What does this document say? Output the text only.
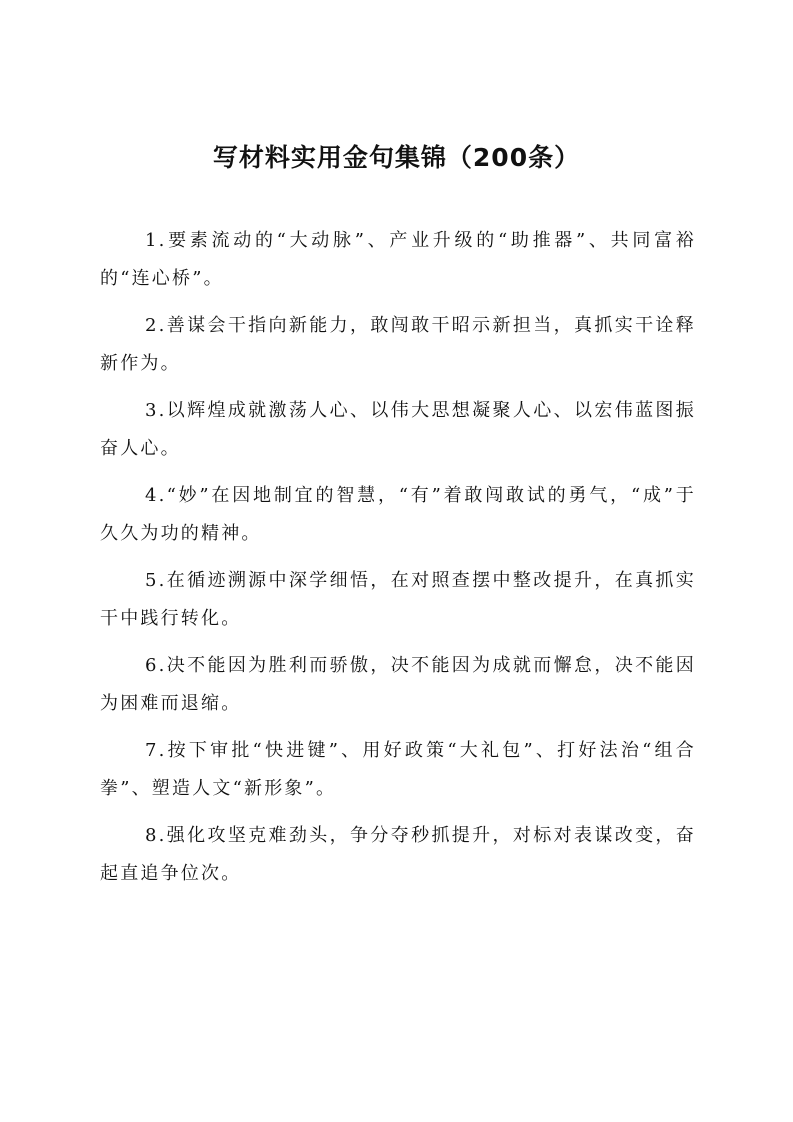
写材料实用金句集锦（200条）
1.要素流动的“大动脉”、产业升级的“助推器”、共同富裕的“连心桥”。
2.善谋会干指向新能力，敢闯敢干昭示新担当，真抓实干诠释新作为。
3.以辉煌成就激荡人心、以伟大思想凝聚人心、以宏伟蓝图振奋人心。
4.“妙”在因地制宜的智慧，“有”着敢闯敢试的勇气，“成”于久久为功的精神。
5.在循迹溯源中深学细悟，在对照查摆中整改提升，在真抓实干中践行转化。
6.决不能因为胜利而骄傲，决不能因为成就而懈怠，决不能因为困难而退缩。
7.按下审批“快进键”、用好政策“大礼包”、打好法治“组合拳”、塑造人文“新形象”。
8.强化攻坚克难劲头，争分夺秒抓提升，对标对表谋改变，奋起直追争位次。
